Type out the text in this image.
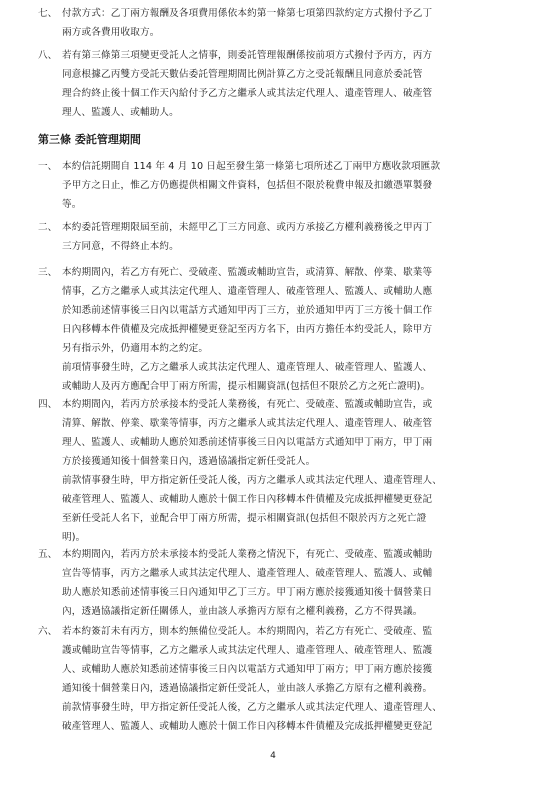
七、 付款方式：乙丁兩方報酬及各項費用係依本約第一條第七項第四款約定方式撥付予乙丁
兩方或各費用收取方。
八、 若有第三條第三項變更受託人之情事，則委託管理報酬係按前項方式撥付予丙方，丙方
同意根據乙丙雙方受託天數佔委託管理期間比例計算乙方之受託報酬且同意於委託管
理合約終止後十個工作天內給付予乙方之繼承人或其法定代理人、遺產管理人、破產管
理人、監護人、或輔助人。
第三條 委託管理期間
一、 本約信託期間自 114 年 4 月 10 日起至發生第一條第七項所述乙丁兩甲方應收款項匯款
予甲方之日止，惟乙方仍應提供相關文件資料，包括但不限於稅費申報及扣繳憑單製發
等。
二、 本約委託管理期限屆至前，未經甲乙丁三方同意、或丙方承接乙方權利義務後之甲丙丁
三方同意，不得終止本約。
三、 本約期間內，若乙方有死亡、受破產、監護或輔助宣告，或清算、解散、停業、歇業等
情事，乙方之繼承人或其法定代理人、遺產管理人、破產管理人、監護人、或輔助人應
於知悉前述情事後三日內以電話方式通知甲丙丁三方，並於通知甲丙丁三方後十個工作
日內移轉本件債權及完成抵押權變更登記至丙方名下，由丙方擔任本約受託人，除甲方
另有指示外，仍適用本約之約定。
前項情事發生時，乙方之繼承人或其法定代理人、遺產管理人、破產管理人、監護人、
或輔助人及丙方應配合甲丁兩方所需，提示相關資訊(包括但不限於乙方之死亡證明)。
四、 本約期間內，若丙方於承接本約受託人業務後，有死亡、受破產、監護或輔助宣告，或
清算、解散、停業、歇業等情事，丙方之繼承人或其法定代理人、遺產管理人、破產管
理人、監護人、或輔助人應於知悉前述情事後三日內以電話方式通知甲丁兩方，甲丁兩
方於接獲通知後十個營業日內，透過協議指定新任受託人。
前款情事發生時，甲方指定新任受託人後，丙方之繼承人或其法定代理人、遺產管理人、
破產管理人、監護人、或輔助人應於十個工作日內移轉本件債權及完成抵押權變更登記
至新任受託人名下，並配合甲丁兩方所需，提示相關資訊(包括但不限於丙方之死亡證
明)。
五、 本約期間內，若丙方於未承接本約受託人業務之情況下，有死亡、受破產、監護或輔助
宣告等情事，丙方之繼承人或其法定代理人、遺產管理人、破產管理人、監護人、或輔
助人應於知悉前述情事後三日內通知甲乙丁三方。甲丁兩方應於接獲通知後十個營業日
內，透過協議指定新任關係人，並由該人承擔丙方原有之權利義務，乙方不得異議。
六、 若本約簽訂未有丙方，則本約無備位受託人。本約期間內，若乙方有死亡、受破產、監
護或輔助宣告等情事，乙方之繼承人或其法定代理人、遺產管理人、破產管理人、監護
人、或輔助人應於知悉前述情事後三日內以電話方式通知甲丁兩方；甲丁兩方應於接獲
通知後十個營業日內，透過協議指定新任受託人，並由該人承擔乙方原有之權利義務。
前款情事發生時，甲方指定新任受託人後，乙方之繼承人或其法定代理人、遺產管理人、
破產管理人、監護人、或輔助人應於十個工作日內移轉本件債權及完成抵押權變更登記
4
